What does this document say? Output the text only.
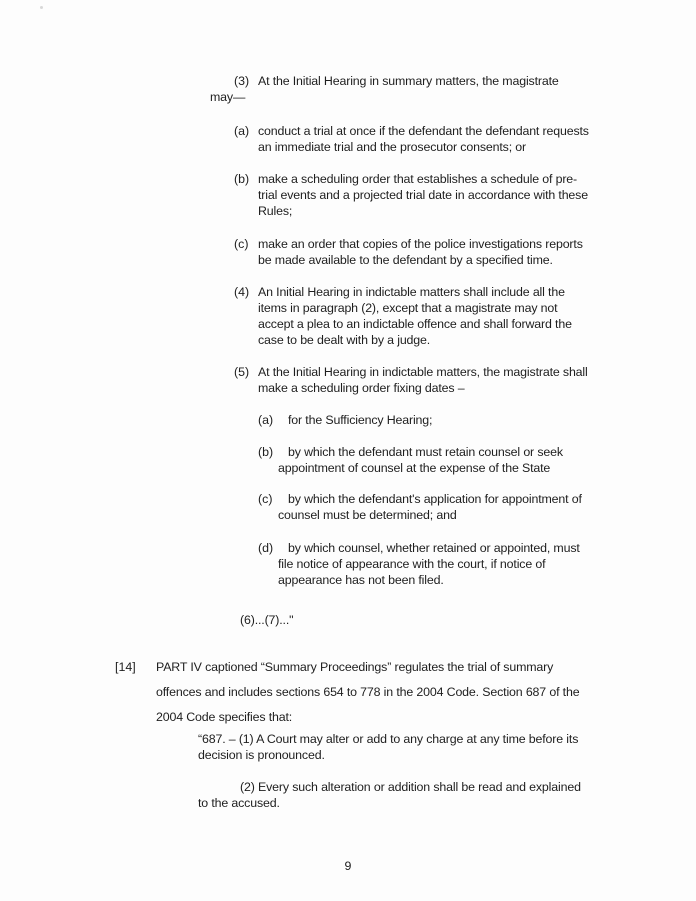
(3) At the Initial Hearing in summary matters, the magistrate
may—
(a) conduct a trial at once if the defendant the defendant requests
an immediate trial and the prosecutor consents; or
(b) make a scheduling order that establishes a schedule of pre-
trial events and a projected trial date in accordance with these
Rules;
(c) make an order that copies of the police investigations reports
be made available to the defendant by a specified time.
(4) An Initial Hearing in indictable matters shall include all the
items in paragraph (2), except that a magistrate may not
accept a plea to an indictable offence and shall forward the
case to be dealt with by a judge.
(5) At the Initial Hearing in indictable matters, the magistrate shall
make a scheduling order fixing dates –
(a) for the Sufficiency Hearing;
(b) by which the defendant must retain counsel or seek
appointment of counsel at the expense of the State
(c) by which the defendant's application for appointment of
counsel must be determined; and
(d) by which counsel, whether retained or appointed, must
file notice of appearance with the court, if notice of
appearance has not been filed.
(6)...(7)..."
[14] PART IV captioned “Summary Proceedings” regulates the trial of summary
offences and includes sections 654 to 778 in the 2004 Code. Section 687 of the
2004 Code specifies that:
“687. – (1) A Court may alter or add to any charge at any time before its
decision is pronounced.
(2) Every such alteration or addition shall be read and explained
to the accused.
9
